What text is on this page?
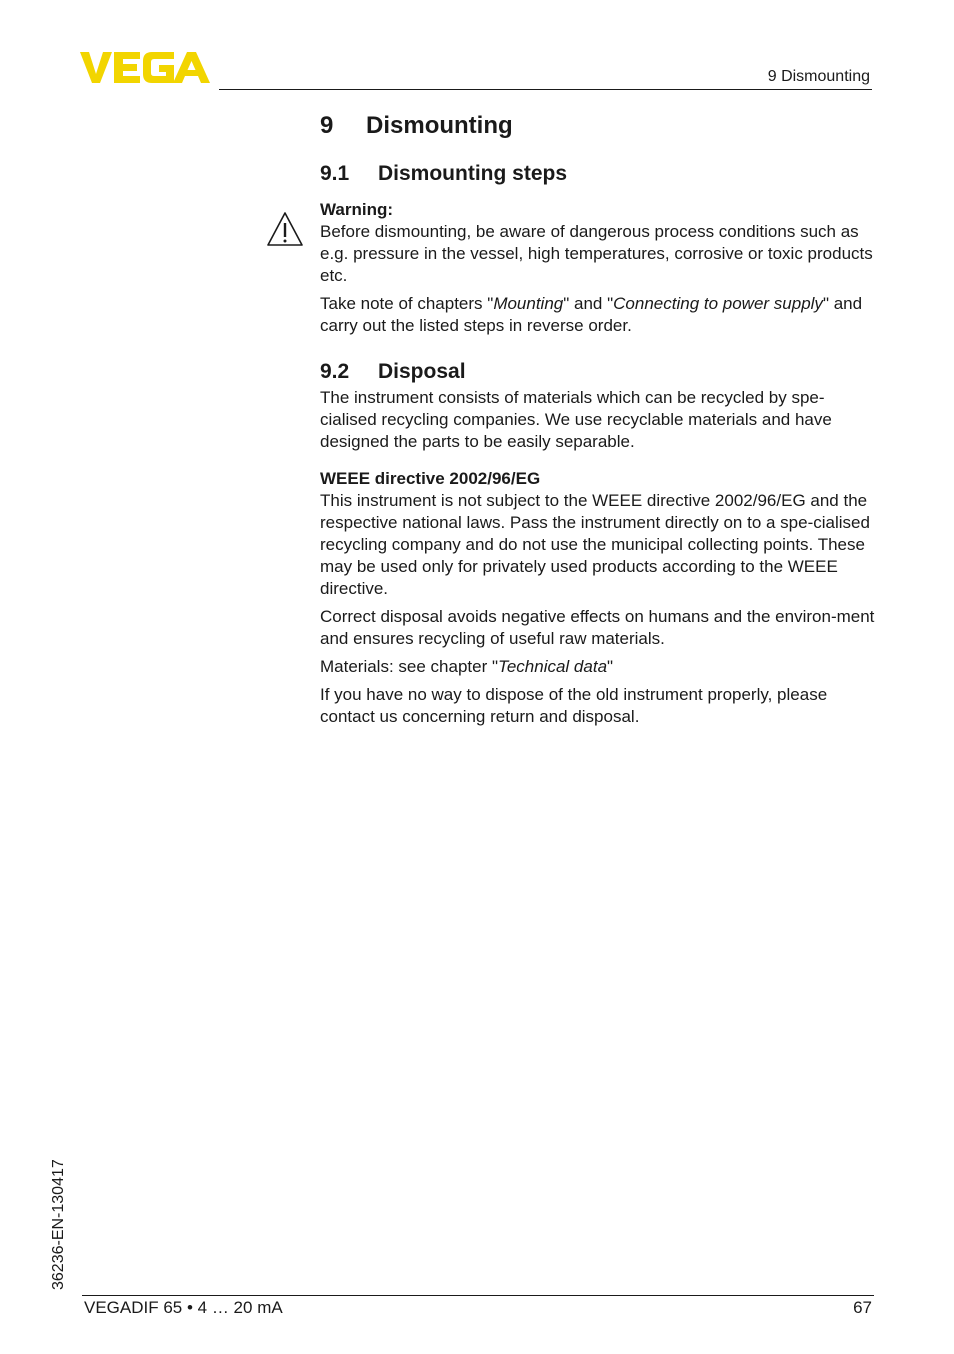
9 Dismounting
9	Dismounting
9.1	Dismounting steps

Warning:

Before dismounting, be aware of dangerous process conditions such as e.g. pressure in the vessel, high temperatures, corrosive or toxic products etc.

Take note of chapters "Mounting" and "Connecting to power supply" and carry out the listed steps in reverse order.

9.2	Disposal

The instrument consists of materials which can be recycled by spe-cialised recycling companies. We use recyclable materials and have designed the parts to be easily separable.

WEEE directive 2002/96/EG

This instrument is not subject to the WEEE directive 2002/96/EG and the respective national laws. Pass the instrument directly on to a spe-cialised recycling company and do not use the municipal collecting points. These may be used only for privately used products according to the WEEE directive.

Correct disposal avoids negative effects on humans and the environ-ment and ensures recycling of useful raw materials.

Materials: see chapter "Technical data"

If you have no way to dispose of the old instrument properly, please contact us concerning return and disposal.

36236-EN-130417
VEGADIF 65 • 4 … 20 mA	67
